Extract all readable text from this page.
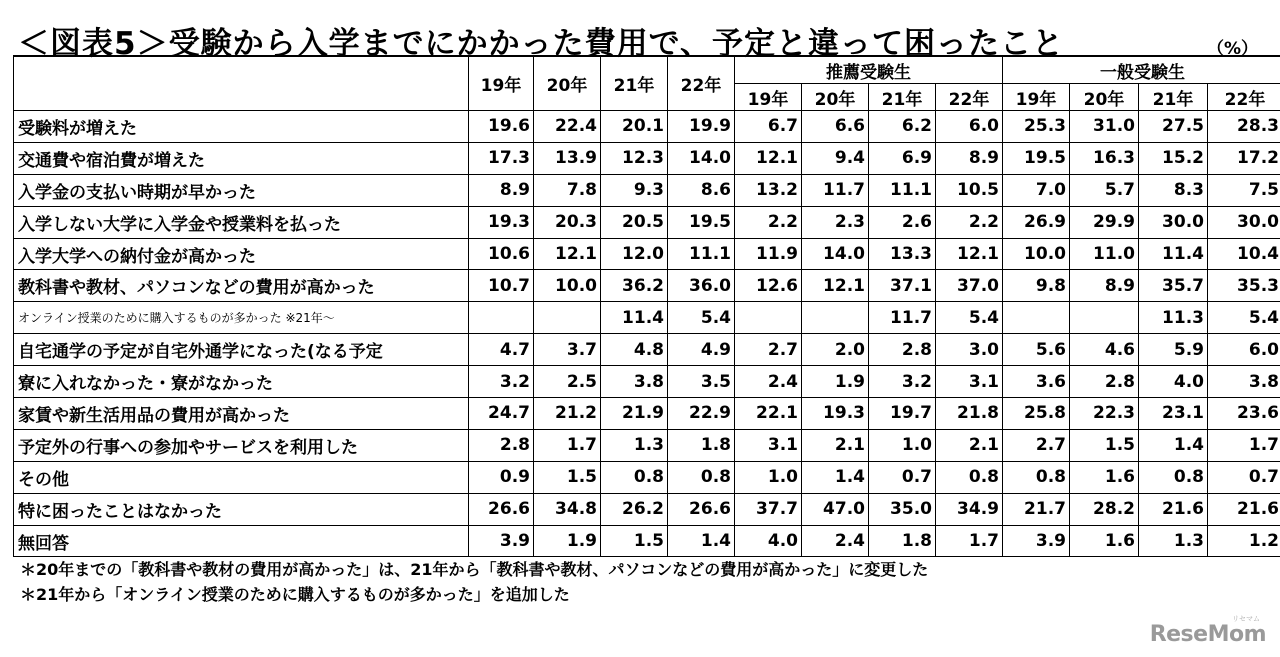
＜図表5＞受験から入学までにかかった費用で、予定と違って困ったこと	（%）
	19年	20年	21年	22年	推薦受験生				一般受験生			
					19年	20年	21年	22年	19年	20年	21年	22年
受験料が増えた	19.6	22.4	20.1	19.9	6.7	6.6	6.2	6.0	25.3	31.0	27.5	28.3
交通費や宿泊費が増えた	17.3	13.9	12.3	14.0	12.1	9.4	6.9	8.9	19.5	16.3	15.2	17.2
入学金の支払い時期が早かった	8.9	7.8	9.3	8.6	13.2	11.7	11.1	10.5	7.0	5.7	8.3	7.5
入学しない大学に入学金や授業料を払った	19.3	20.3	20.5	19.5	2.2	2.3	2.6	2.2	26.9	29.9	30.0	30.0
入学大学への納付金が高かった	10.6	12.1	12.0	11.1	11.9	14.0	13.3	12.1	10.0	11.0	11.4	10.4
教科書や教材、パソコンなどの費用が高かった	10.7	10.0	36.2	36.0	12.6	12.1	37.1	37.0	9.8	8.9	35.7	35.3
オンライン授業のために購入するものが多かった ※21年～			11.4	5.4			11.7	5.4			11.3	5.4
自宅通学の予定が自宅外通学になった(なる予定	4.7	3.7	4.8	4.9	2.7	2.0	2.8	3.0	5.6	4.6	5.9	6.0
寮に入れなかった・寮がなかった	3.2	2.5	3.8	3.5	2.4	1.9	3.2	3.1	3.6	2.8	4.0	3.8
家賃や新生活用品の費用が高かった	24.7	21.2	21.9	22.9	22.1	19.3	19.7	21.8	25.8	22.3	23.1	23.6
予定外の行事への参加やサービスを利用した	2.8	1.7	1.3	1.8	3.1	2.1	1.0	2.1	2.7	1.5	1.4	1.7
その他	0.9	1.5	0.8	0.8	1.0	1.4	0.7	0.8	0.8	1.6	0.8	0.7
特に困ったことはなかった	26.6	34.8	26.2	26.6	37.7	47.0	35.0	34.9	21.7	28.2	21.6	21.6
無回答	3.9	1.9	1.5	1.4	4.0	2.4	1.8	1.7	3.9	1.6	1.3	1.2
＊20年までの「教科書や教材の費用が高かった」は、21年から「教科書や教材、パソコンなどの費用が高かった」に変更した
＊21年から「オンライン授業のために購入するものが多かった」を追加した
リセマム
ReseMom
